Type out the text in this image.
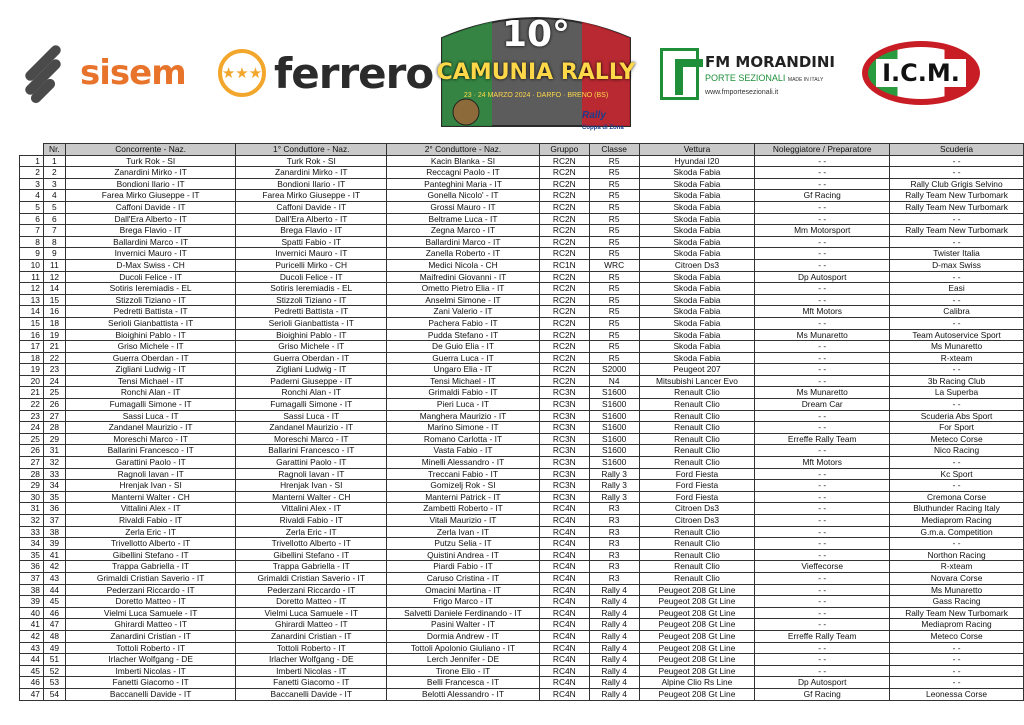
sisem ★★★ ferrero
10°
CAMUNIA RALLY
23 · 24 MARZO 2024 · DARFO · BRENO (BS)
Rally
Coppa di Zona
FM MORANDINI
PORTE SEZIONALI MADE IN ITALY
www.fmportesezionali.it
I.C.M.
	Nr.	Concorrente - Naz.	1° Conduttore - Naz.	2° Conduttore - Naz.	Gruppo	Classe	Vettura	Noleggiatore / Preparatore	Scuderia
1	1	Turk Rok - SI	Turk Rok - SI	Kacin Blanka - SI	RC2N	R5	Hyundai I20	- -	- -
2	2	Zanardini Mirko - IT	Zanardini Mirko - IT	Reccagni Paolo - IT	RC2N	R5	Skoda Fabia	- -	- -
3	3	Bondioni Ilario - IT	Bondioni Ilario - IT	Panteghini Maria - IT	RC2N	R5	Skoda Fabia	- -	Rally Club Grigis Selvino
4	4	Farea Mirko Giuseppe - IT	Farea Mirko Giuseppe - IT	Gonella Nicolo' - IT	RC2N	R5	Skoda Fabia	Gf Racing	Rally Team New Turbomark
5	5	Caffoni Davide - IT	Caffoni Davide - IT	Grossi Mauro - IT	RC2N	R5	Skoda Fabia	- -	Rally Team New Turbomark
6	6	Dall'Era Alberto - IT	Dall'Era Alberto - IT	Beltrame Luca - IT	RC2N	R5	Skoda Fabia	- -	- -
7	7	Brega Flavio - IT	Brega Flavio - IT	Zegna Marco - IT	RC2N	R5	Skoda Fabia	Mm Motorsport	Rally Team New Turbomark
8	8	Ballardini Marco - IT	Spatti Fabio - IT	Ballardini Marco - IT	RC2N	R5	Skoda Fabia	- -	- -
9	9	Invernici Mauro - IT	Invernici Mauro - IT	Zanella Roberto - IT	RC2N	R5	Skoda Fabia	- -	Twister Italia
10	11	D-Max Swiss - CH	Puricelli Mirko - CH	Medici Nicola - CH	RC1N	WRC	Citroen Ds3	- -	D-max Swiss
11	12	Ducoli Felice - IT	Ducoli Felice - IT	Maifredini Giovanni - IT	RC2N	R5	Skoda Fabia	Dp Autosport	- -
12	14	Sotiris Ieremiadis - EL	Sotiris Ieremiadis - EL	Ometto Pietro Elia - IT	RC2N	R5	Skoda Fabia	- -	Easi
13	15	Stizzoli Tiziano - IT	Stizzoli Tiziano - IT	Anselmi Simone - IT	RC2N	R5	Skoda Fabia	- -	- -
14	16	Pedretti Battista - IT	Pedretti Battista - IT	Zani Valerio - IT	RC2N	R5	Skoda Fabia	Mft Motors	Calibra
15	18	Serioli Gianbattista - IT	Serioli Gianbattista - IT	Pachera Fabio - IT	RC2N	R5	Skoda Fabia	- -	- -
16	19	Bioighini Pablo - IT	Bioighini Pablo - IT	Pudda Stefano - IT	RC2N	R5	Skoda Fabia	Ms Munaretto	Team Autoservice Sport
17	21	Griso Michele - IT	Griso Michele - IT	De Guio Elia - IT	RC2N	R5	Skoda Fabia	- -	Ms Munaretto
18	22	Guerra Oberdan - IT	Guerra Oberdan - IT	Guerra Luca - IT	RC2N	R5	Skoda Fabia	- -	R-xteam
19	23	Zigliani Ludwig - IT	Zigliani Ludwig - IT	Ungaro Elia - IT	RC2N	S2000	Peugeot 207	- -	- -
20	24	Tensi Michael - IT	Paderni Giuseppe - IT	Tensi Michael - IT	RC2N	N4	Mitsubishi Lancer Evo	- -	3b Racing Club
21	25	Ronchi Alan - IT	Ronchi Alan - IT	Grimaldi Fabio - IT	RC3N	S1600	Renault Clio	Ms Munaretto	La Superba
22	26	Fumagalli Simone - IT	Fumagalli Simone - IT	Pieri Luca - IT	RC3N	S1600	Renault Clio	Dream Car	- -
23	27	Sassi Luca - IT	Sassi Luca - IT	Manghera Maurizio - IT	RC3N	S1600	Renault Clio	- -	Scuderia Abs Sport
24	28	Zandanel Maurizio - IT	Zandanel Maurizio - IT	Marino Simone - IT	RC3N	S1600	Renault Clio	- -	For Sport
25	29	Moreschi Marco - IT	Moreschi Marco - IT	Romano Carlotta - IT	RC3N	S1600	Renault Clio	Erreffe Rally Team	Meteco Corse
26	31	Ballarini Francesco - IT	Ballarini Francesco - IT	Vasta Fabio - IT	RC3N	S1600	Renault Clio	- -	Nico Racing
27	32	Garattini Paolo - IT	Garattini Paolo - IT	Minelli Alessandro - IT	RC3N	S1600	Renault Clio	Mft Motors	- -
28	33	Ragnoli Iavan - IT	Ragnoli Iavan - IT	Treccani Fabio - IT	RC3N	Rally 3	Ford Fiesta	- -	Kc Sport
29	34	Hrenjak Ivan - SI	Hrenjak Ivan - SI	Gomizelj Rok - SI	RC3N	Rally 3	Ford Fiesta	- -	- -
30	35	Manterni Walter - CH	Manterni Walter - CH	Manterni Patrick - IT	RC3N	Rally 3	Ford Fiesta	- -	Cremona Corse
31	36	Vittalini Alex - IT	Vittalini Alex - IT	Zambetti Roberto - IT	RC4N	R3	Citroen Ds3	- -	Bluthunder Racing Italy
32	37	Rivaldi Fabio - IT	Rivaldi Fabio - IT	Vitali Maurizio - IT	RC4N	R3	Citroen Ds3	- -	Mediaprom Racing
33	38	Zerla Eric - IT	Zerla Eric - IT	Zerla Ivan - IT	RC4N	R3	Renault Clio	- -	G.m.a. Competition
34	39	Trivellotto Alberto - IT	Trivellotto Alberto - IT	Putzu Selia - IT	RC4N	R3	Renault Clio	- -	- -
35	41	Gibellini Stefano - IT	Gibellini Stefano - IT	Quistini Andrea - IT	RC4N	R3	Renault Clio	- -	Northon Racing
36	42	Trappa Gabriella - IT	Trappa Gabriella - IT	Piardi Fabio - IT	RC4N	R3	Renault Clio	Vieffecorse	R-xteam
37	43	Grimaldi Cristian Saverio - IT	Grimaldi Cristian Saverio - IT	Caruso Cristina - IT	RC4N	R3	Renault Clio	- -	Novara Corse
38	44	Pederzani Riccardo - IT	Pederzani Riccardo - IT	Omacini Martina - IT	RC4N	Rally 4	Peugeot 208 Gt Line	- -	Ms Munaretto
39	45	Doretto Matteo - IT	Doretto Matteo - IT	Frigo Marco - IT	RC4N	Rally 4	Peugeot 208 Gt Line	- -	Gass Racing
40	46	Vielmi Luca Samuele - IT	Vielmi Luca Samuele - IT	Salvetti Daniele Ferdinando - IT	RC4N	Rally 4	Peugeot 208 Gt Line	- -	Rally Team New Turbomark
41	47	Ghirardi Matteo - IT	Ghirardi Matteo - IT	Pasini Walter - IT	RC4N	Rally 4	Peugeot 208 Gt Line	- -	Mediaprom Racing
42	48	Zanardini Cristian - IT	Zanardini Cristian - IT	Dormia Andrew - IT	RC4N	Rally 4	Peugeot 208 Gt Line	Erreffe Rally Team	Meteco Corse
43	49	Tottoli Roberto - IT	Tottoli Roberto - IT	Tottoli Apolonio Giuliano - IT	RC4N	Rally 4	Peugeot 208 Gt Line	- -	- -
44	51	Irlacher Wolfgang - DE	Irlacher Wolfgang - DE	Lerch Jennifer - DE	RC4N	Rally 4	Peugeot 208 Gt Line	- -	- -
45	52	Imberti Nicolas - IT	Imberti Nicolas - IT	Tirone Elio - IT	RC4N	Rally 4	Peugeot 208 Gt Line	- -	- -
46	53	Fanetti Giacomo - IT	Fanetti Giacomo - IT	Belli Francesca - IT	RC4N	Rally 4	Alpine Clio Rs Line	Dp Autosport	- -
47	54	Baccanelli Davide - IT	Baccanelli Davide - IT	Belotti Alessandro - IT	RC4N	Rally 4	Peugeot 208 Gt Line	Gf Racing	Leonessa Corse
